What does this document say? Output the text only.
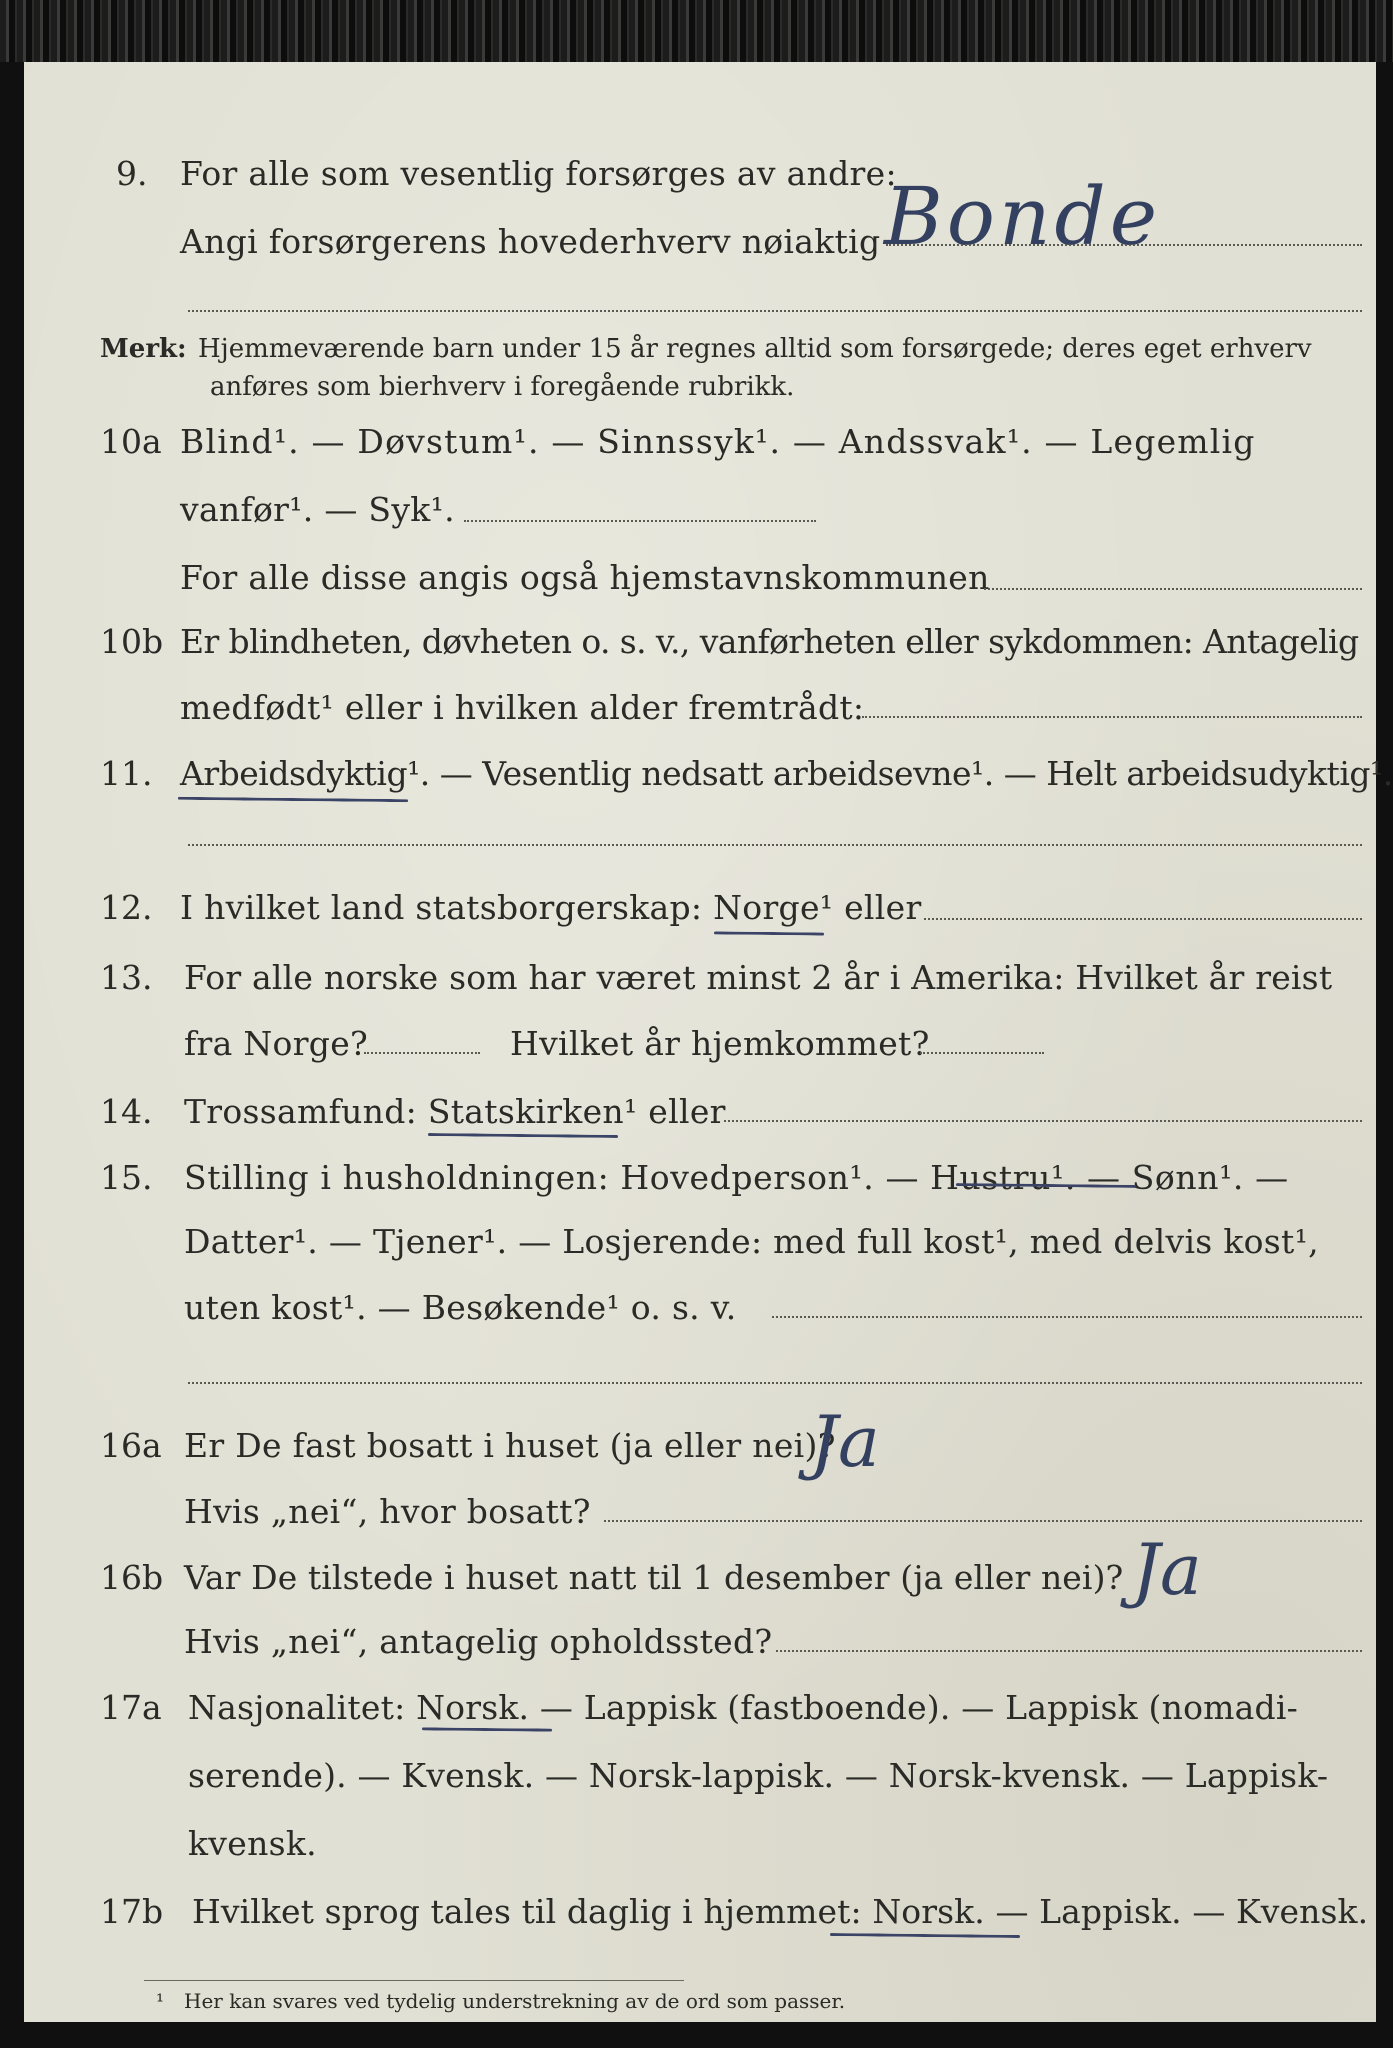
9. For alle som vesentlig forsørges av andre:
Angi forsørgerens hovederhverv nøiaktig Bonde
Merk: Hjemmeværende barn under 15 år regnes alltid som forsørgede; deres eget erhverv
anføres som bierhverv i foregående rubrikk.
10a Blind¹. — Døvstum¹. — Sinnssyk¹. — Andssvak¹. — Legemlig
vanfør¹. — Syk¹.
For alle disse angis også hjemstavnskommunen
10b Er blindheten, døvheten o. s. v., vanførheten eller sykdommen: Antagelig
medfødt¹ eller i hvilken alder fremtrådt:
11. Arbeidsdyktig¹. — Vesentlig nedsatt arbeidsevne¹. — Helt arbeidsudyktig¹.
12. I hvilket land statsborgerskap: Norge¹ eller
13. For alle norske som har været minst 2 år i Amerika: Hvilket år reist
fra Norge?	Hvilket år hjemkommet?
14. Trossamfund: Statskirken¹ eller
15. Stilling i husholdningen: Hovedperson¹. — Hustru¹. — Sønn¹. —
Datter¹. — Tjener¹. — Losjerende: med full kost¹, med delvis kost¹,
uten kost¹. — Besøkende¹ o. s. v.
16a Er De fast bosatt i huset (ja eller nei)?
Ja
Hvis „nei“, hvor bosatt?
16b Var De tilstede i huset natt til 1 desember (ja eller nei)? Ja
Hvis „nei“, antagelig opholdssted?
17a Nasjonalitet: Norsk. — Lappisk (fastboende). — Lappisk (nomadi-
serende). — Kvensk. — Norsk-lappisk. — Norsk-kvensk. — Lappisk-
kvensk.
17b Hvilket sprog tales til daglig i hjemmet: Norsk. — Lappisk. — Kvensk.
¹ Her kan svares ved tydelig understrekning av de ord som passer.
